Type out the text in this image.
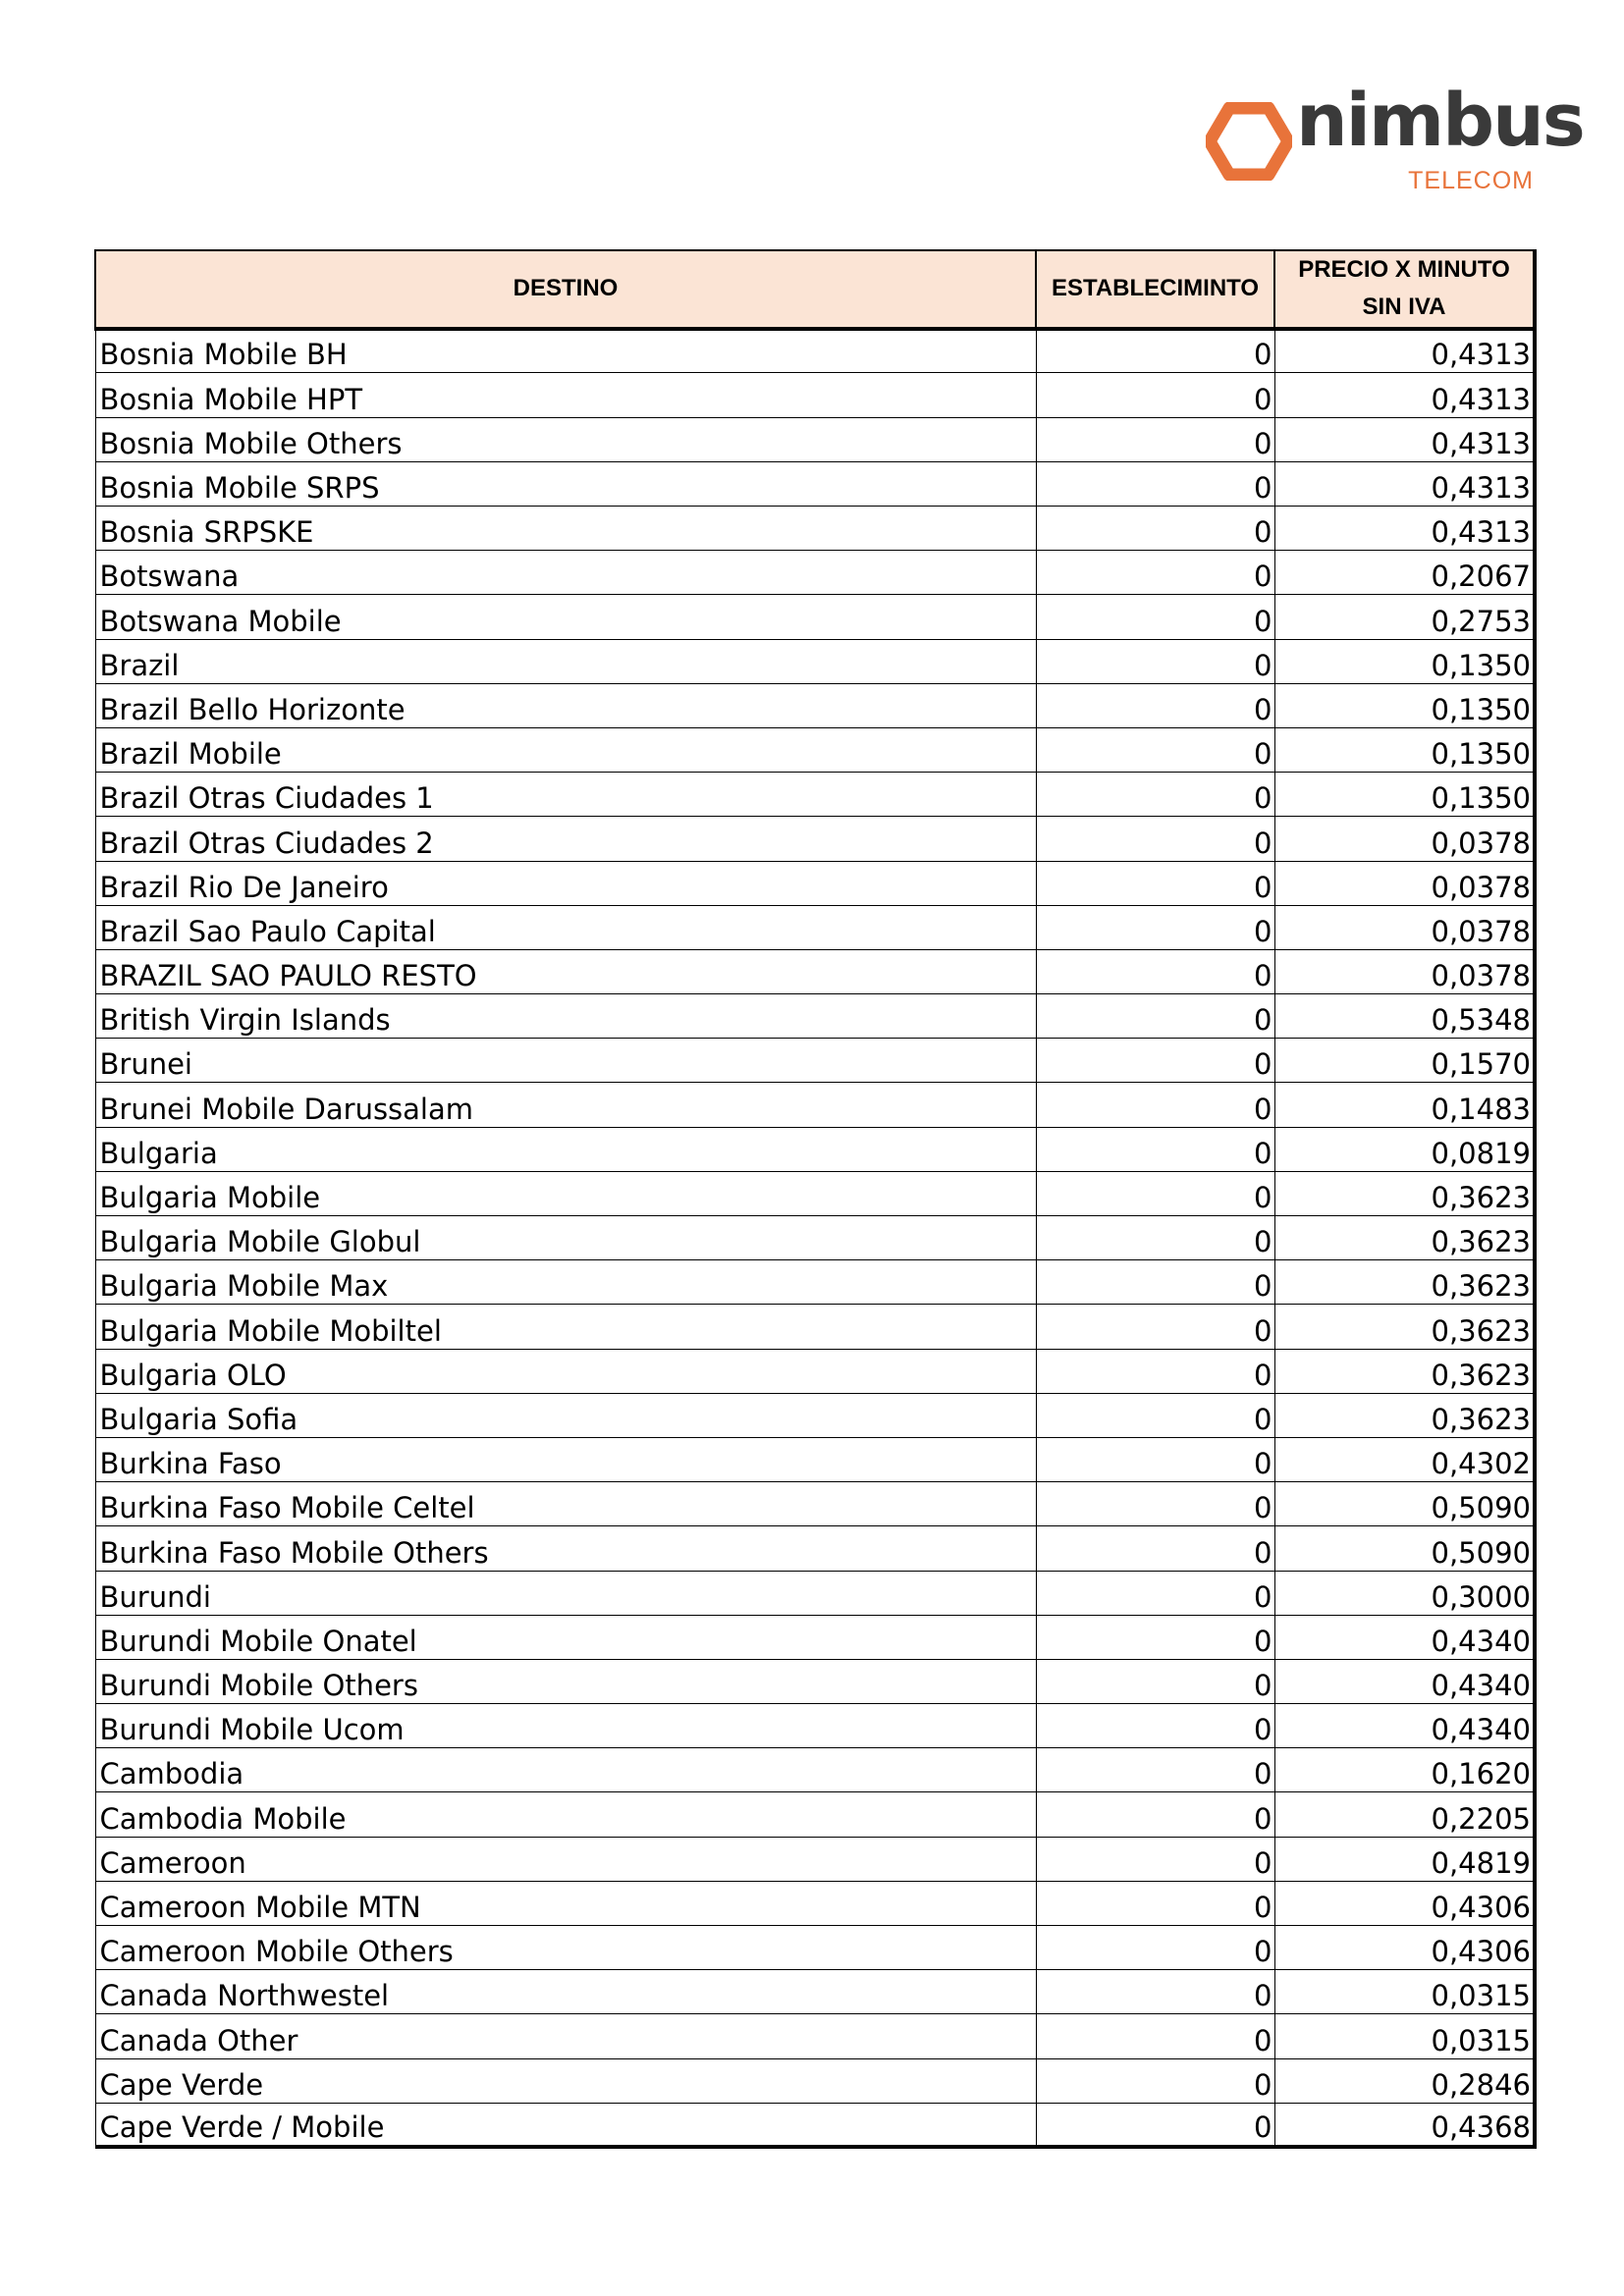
nimbus
TELECOM
DESTINO	ESTABLECIMINTO	PRECIO X MINUTO
SIN IVA
Bosnia Mobile BH	0	0,4313
Bosnia Mobile HPT	0	0,4313
Bosnia Mobile Others	0	0,4313
Bosnia Mobile SRPS	0	0,4313
Bosnia SRPSKE	0	0,4313
Botswana	0	0,2067
Botswana Mobile	0	0,2753
Brazil	0	0,1350
Brazil Bello Horizonte	0	0,1350
Brazil Mobile	0	0,1350
Brazil Otras Ciudades 1	0	0,1350
Brazil Otras Ciudades 2	0	0,0378
Brazil Rio De Janeiro	0	0,0378
Brazil Sao Paulo Capital	0	0,0378
BRAZIL SAO PAULO RESTO	0	0,0378
British Virgin Islands	0	0,5348
Brunei	0	0,1570
Brunei Mobile Darussalam	0	0,1483
Bulgaria	0	0,0819
Bulgaria Mobile	0	0,3623
Bulgaria Mobile Globul	0	0,3623
Bulgaria Mobile Max	0	0,3623
Bulgaria Mobile Mobiltel	0	0,3623
Bulgaria OLO	0	0,3623
Bulgaria Sofia	0	0,3623
Burkina Faso	0	0,4302
Burkina Faso Mobile Celtel	0	0,5090
Burkina Faso Mobile Others	0	0,5090
Burundi	0	0,3000
Burundi Mobile Onatel	0	0,4340
Burundi Mobile Others	0	0,4340
Burundi Mobile Ucom	0	0,4340
Cambodia	0	0,1620
Cambodia Mobile	0	0,2205
Cameroon	0	0,4819
Cameroon Mobile MTN	0	0,4306
Cameroon Mobile Others	0	0,4306
Canada Northwestel	0	0,0315
Canada Other	0	0,0315
Cape Verde	0	0,2846
Cape Verde / Mobile	0	0,4368
